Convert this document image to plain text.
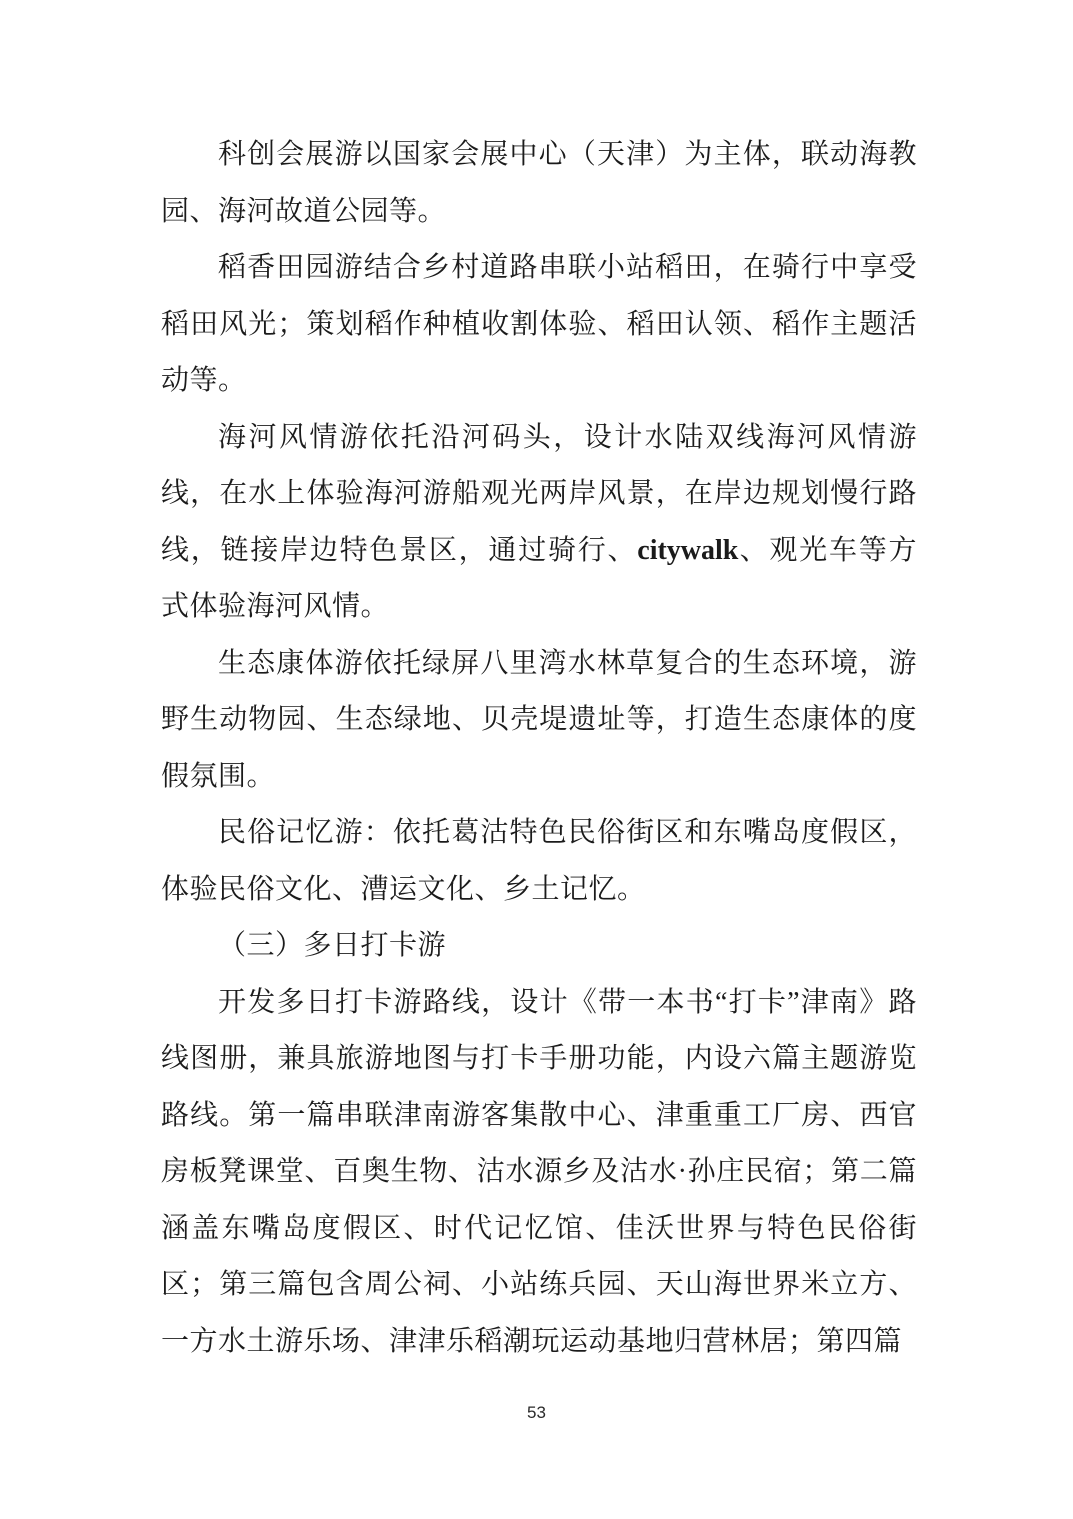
科创会展游以国家会展中心（天津）为主体，联动海教园、海河故道公园等。

稻香田园游结合乡村道路串联小站稻田，在骑行中享受稻田风光；策划稻作种植收割体验、稻田认领、稻作主题活动等。

海河风情游依托沿河码头，设计水陆双线海河风情游线，在水上体验海河游船观光两岸风景，在岸边规划慢行路线，链接岸边特色景区，通过骑行、citywalk、观光车等方式体验海河风情。

生态康体游依托绿屏八里湾水林草复合的生态环境，游野生动物园、生态绿地、贝壳堤遗址等，打造生态康体的度假氛围。

民俗记忆游：依托葛沽特色民俗街区和东嘴岛度假区，体验民俗文化、漕运文化、乡土记忆。

（三）多日打卡游

开发多日打卡游路线，设计《带一本书“打卡”津南》路线图册，兼具旅游地图与打卡手册功能，内设六篇主题游览路线。第一篇串联津南游客集散中心、津重重工厂房、西官房板凳课堂、百奥生物、沽水源乡及沽水·孙庄民宿；第二篇涵盖东嘴岛度假区、时代记忆馆、佳沃世界与特色民俗街区；第三篇包含周公祠、小站练兵园、天山海世界米立方、一方水土游乐场、津津乐稻潮玩运动基地归营林居；第四篇

53
